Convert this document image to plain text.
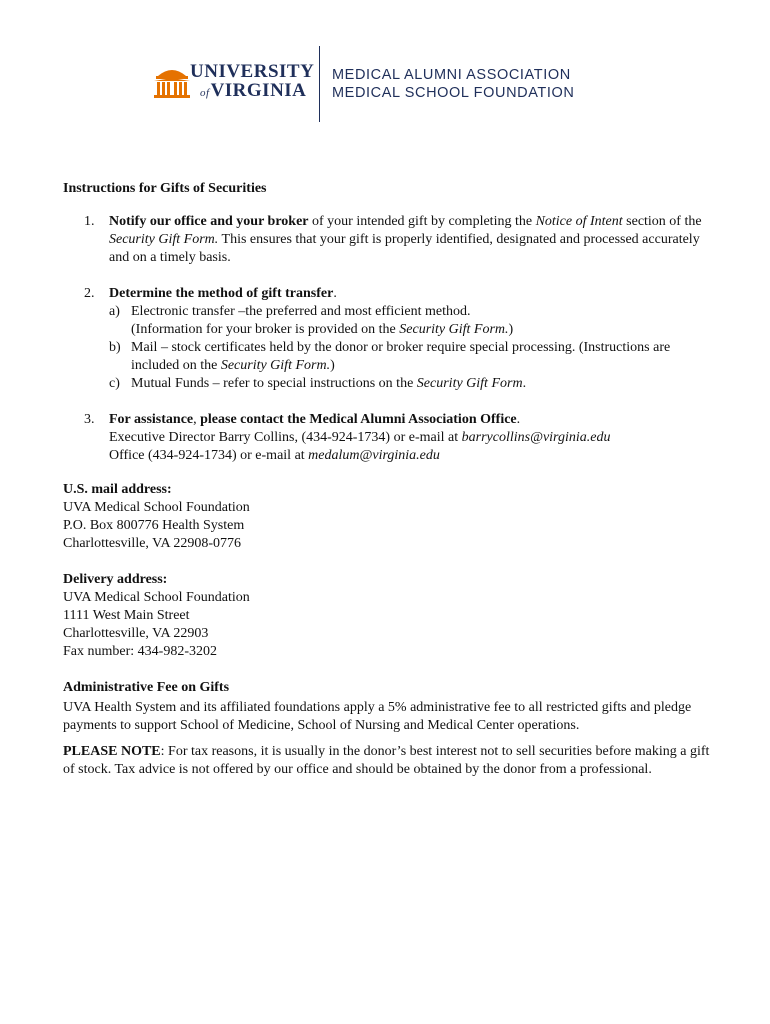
UNIVERSITY
ofVIRGINIA
MEDICAL ALUMNI ASSOCIATION
MEDICAL SCHOOL FOUNDATION
Instructions for Gifts of Securities
1. Notify our office and your broker of your intended gift by completing the Notice of Intent section of the Security Gift Form. This ensures that your gift is properly identified, designated and processed accurately and on a timely basis.
2. Determine the method of gift transfer.
a) Electronic transfer –the preferred and most efficient method.
(Information for your broker is provided on the Security Gift Form.)
b) Mail – stock certificates held by the donor or broker require special processing. (Instructions are included on the Security Gift Form.)
c) Mutual Funds – refer to special instructions on the Security Gift Form.
3. For assistance, please contact the Medical Alumni Association Office.
Executive Director Barry Collins, (434-924-1734) or e-mail at barrycollins@virginia.edu
Office (434-924-1734) or e-mail at medalum@virginia.edu
U.S. mail address:
UVA Medical School Foundation
P.O. Box 800776 Health System
Charlottesville, VA 22908-0776
Delivery address:
UVA Medical School Foundation
1111 West Main Street
Charlottesville, VA 22903
Fax number: 434-982-3202
Administrative Fee on Gifts

UVA Health System and its affiliated foundations apply a 5% administrative fee to all restricted gifts and pledge payments to support School of Medicine, School of Nursing and Medical Center operations.

PLEASE NOTE: For tax reasons, it is usually in the donor’s best interest not to sell securities before making a gift of stock. Tax advice is not offered by our office and should be obtained by the donor from a professional.
